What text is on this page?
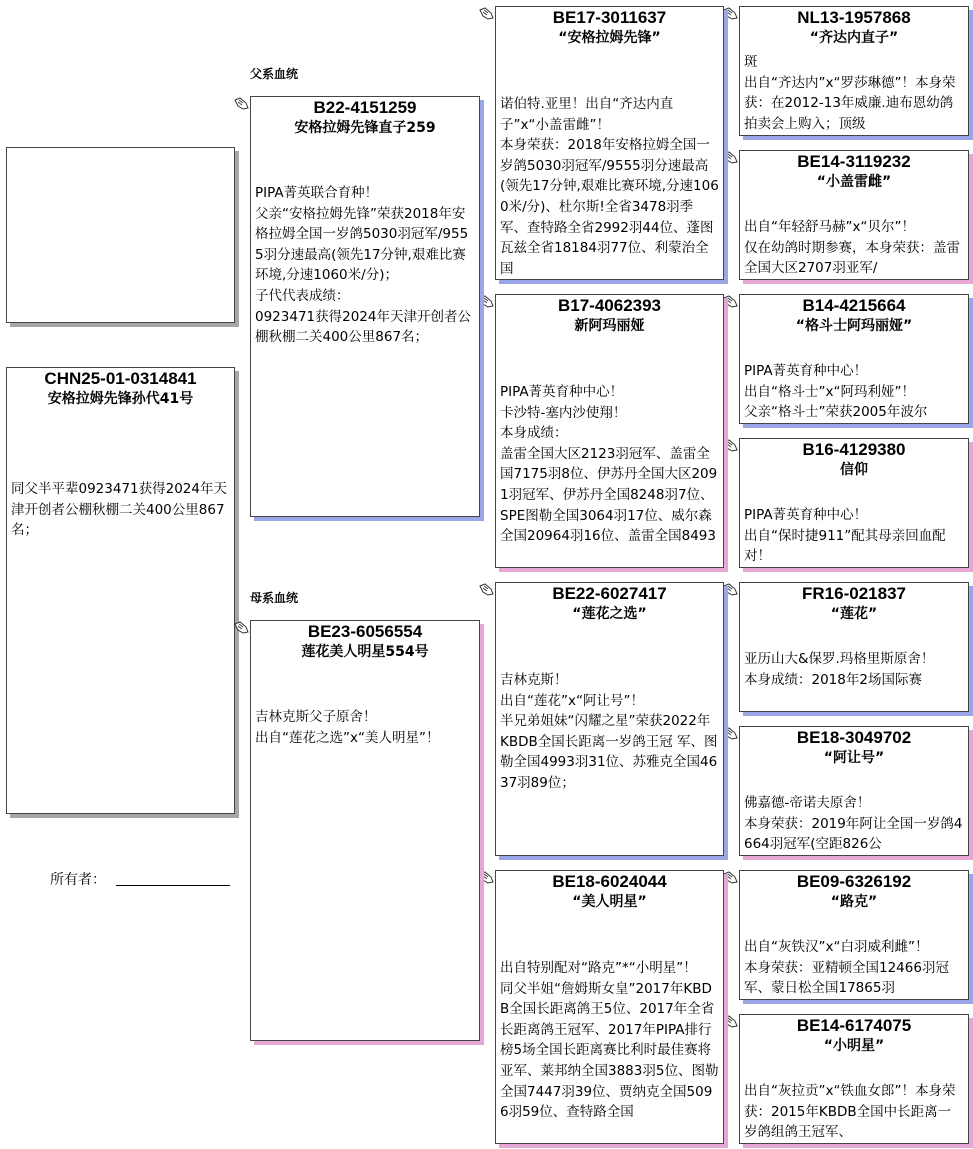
CHN25-01-0314841
安格拉姆先锋孙代41号
同父半平辈0923471获得2024年天津开创者公棚秋棚二关400公里867名；
所有者：
父系血统
母系血统
B22-4151259
安格拉姆先锋直子259
PIPA菁英联合育种！
父亲“安格拉姆先锋”荣获2018年安格拉姆全国一岁鸽5030羽冠军/9555羽分速最高(领先17分钟,艰难比赛环境,分速1060米/分)；
子代代表成绩：
0923471获得2024年天津开创者公棚秋棚二关400公里867名；
BE23-6056554
莲花美人明星554号
吉林克斯父子原舍！
出自“莲花之选”x“美人明星”！
BE17-3011637
“安格拉姆先锋”
诺伯特.亚里！出自“齐达内直子”x“小盖雷雌”！
本身荣获：2018年安格拉姆全国一岁鸽5030羽冠军/9555羽分速最高(领先17分钟,艰难比赛环境,分速1060米/分)、杜尔斯!全省3478羽季军、查特路全省2992羽44位、蓬图瓦兹全省18184羽77位、利蒙治全国
B17-4062393
新阿玛丽娅
PIPA菁英育种中心！
卡沙特-塞内沙使翔！
本身成绩：
盖雷全国大区2123羽冠军、盖雷全国7175羽8位、伊苏丹全国大区2091羽冠军、伊苏丹全国8248羽7位、SPE图勒全国3064羽17位、威尔森全国20964羽16位、盖雷全国8493
BE22-6027417
“莲花之选”
吉林克斯！
出自“莲花”x“阿让号”！
半兄弟姐妹“闪耀之星”荣获2022年KBDB全国长距离一岁鸽王冠 军、图勒全国4993羽31位、苏雅克全国4637羽89位；
BE18-6024044
“美人明星”
出自特别配对“路克”*“小明星”！
同父半姐“詹姆斯女皇”2017年KBDB全国长距离鸽王5位、2017年全省长距离鸽王冠军、2017年PIPA排行榜5场全国长距离赛比利时最佳赛将亚军、莱邦纳全国3883羽5位、图勒全国7447羽39位、贾纳克全国5096羽59位、查特路全国
NL13-1957868
“齐达内直子”
斑
出自“齐达内”x“罗莎琳德”！本身荣获：在2012-13年威廉.迪布恩幼鸽拍卖会上购入；顶级
BE14-3119232
“小盖雷雌”
出自“年轻舒马赫”x“贝尔”！
仅在幼鸽时期参赛，本身荣获：盖雷全国大区2707羽亚军/
B14-4215664
“格斗士阿玛丽娅”
PIPA菁英育种中心！
出自“格斗士”x“阿玛利娅”！
父亲“格斗士”荣获2005年波尔
B16-4129380
信仰
PIPA菁英育种中心！
出自“保时捷911”配其母亲回血配对！
FR16-021837
“莲花”
亚历山大&保罗.玛格里斯原舍！
本身成绩：2018年2场国际赛
BE18-3049702
“阿让号”
佛嘉德-帝诺夫原舍！
本身荣获：2019年阿让全国一岁鸽4664羽冠军(空距826公
BE09-6326192
“路克”
出自“灰铁汉”x“白羽威利雌”！
本身荣获：亚精顿全国12466羽冠军、蒙日松全国17865羽
BE14-6174075
“小明星”
出自“灰拉贡”x“铁血女郎”！本身荣获：2015年KBDB全国中长距离一岁鸽组鸽王冠军、
